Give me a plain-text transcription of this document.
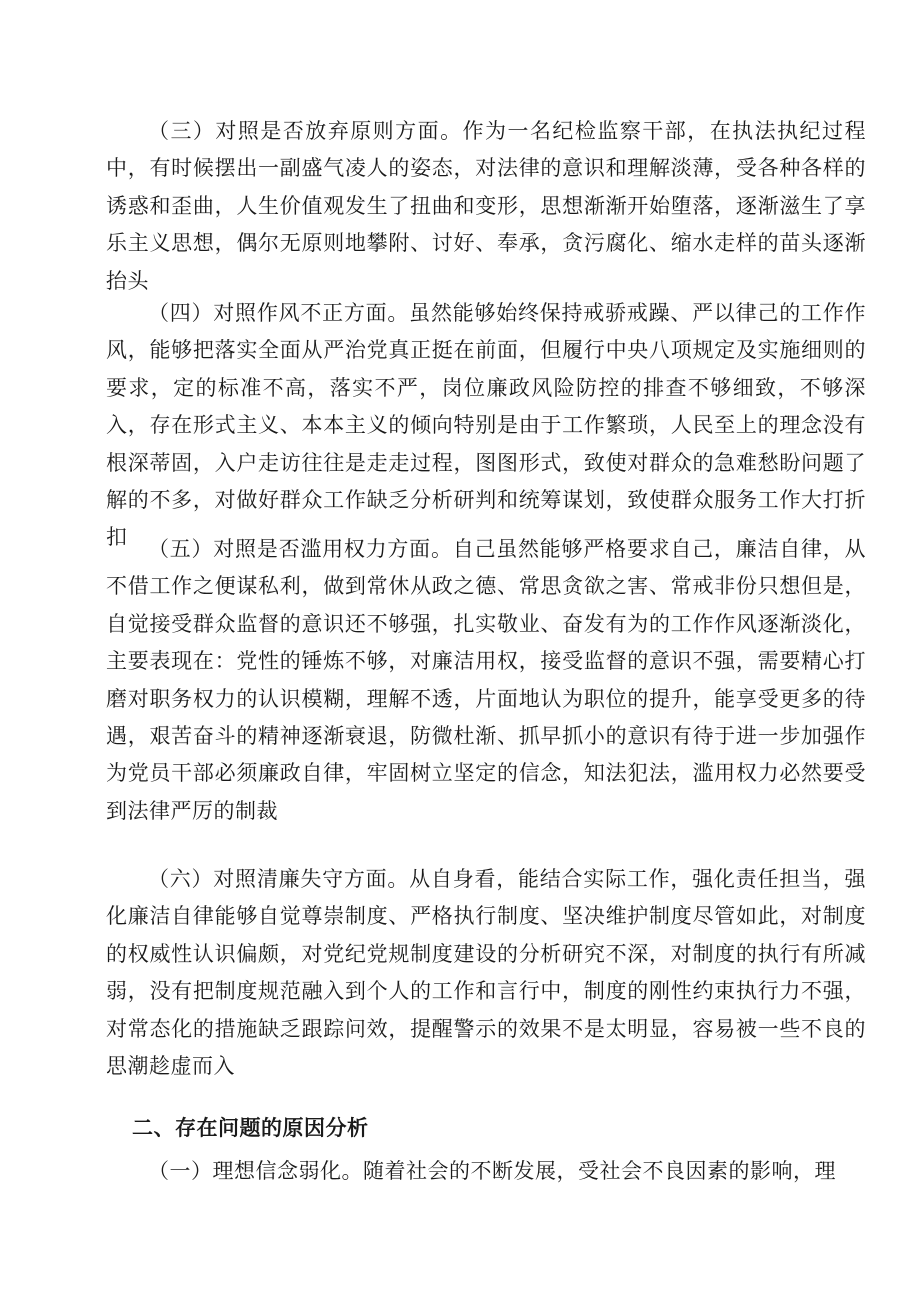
（三）对照是否放弃原则方面。作为一名纪检监察干部，在执法执纪过程中，有时候摆出一副盛气凌人的姿态，对法律的意识和理解淡薄，受各种各样的诱惑和歪曲，人生价值观发生了扭曲和变形，思想渐渐开始堕落，逐渐滋生了享乐主义思想，偶尔无原则地攀附、讨好、奉承，贪污腐化、缩水走样的苗头逐渐抬头

（四）对照作风不正方面。虽然能够始终保持戒骄戒躁、严以律己的工作作风，能够把落实全面从严治党真正挺在前面，但履行中央八项规定及实施细则的要求，定的标准不高，落实不严，岗位廉政风险防控的排查不够细致，不够深入，存在形式主义、本本主义的倾向特别是由于工作繁琐，人民至上的理念没有根深蒂固，入户走访往往是走走过程，图图形式，致使对群众的急难愁盼问题了解的不多，对做好群众工作缺乏分析研判和统筹谋划，致使群众服务工作大打折扣 （五）对照是否滥用权力方面。自己虽然能够严格要求自己，廉洁自律，从不借工作之便谋私利，做到常休从政之德、常思贪欲之害、常戒非份只想但是，自觉接受群众监督的意识还不够强，扎实敬业、奋发有为的工作作风逐渐淡化，主要表现在：党性的锤炼不够，对廉洁用权，接受监督的意识不强，需要精心打磨对职务权力的认识模糊，理解不透，片面地认为职位的提升，能享受更多的待遇，艰苦奋斗的精神逐渐衰退，防微杜渐、抓早抓小的意识有待于进一步加强作为党员干部必须廉政自律，牢固树立坚定的信念，知法犯法，滥用权力必然要受到法律严厉的制裁

（六）对照清廉失守方面。从自身看，能结合实际工作，强化责任担当，强化廉洁自律能够自觉尊崇制度、严格执行制度、坚决维护制度尽管如此，对制度的权威性认识偏颇，对党纪党规制度建设的分析研究不深，对制度的执行有所减弱，没有把制度规范融入到个人的工作和言行中，制度的刚性约束执行力不强，对常态化的措施缺乏跟踪问效，提醒警示的效果不是太明显，容易被一些不良的思潮趁虚而入

二、存在问题的原因分析

（一）理想信念弱化。随着社会的不断发展，受社会不良因素的影响，理
